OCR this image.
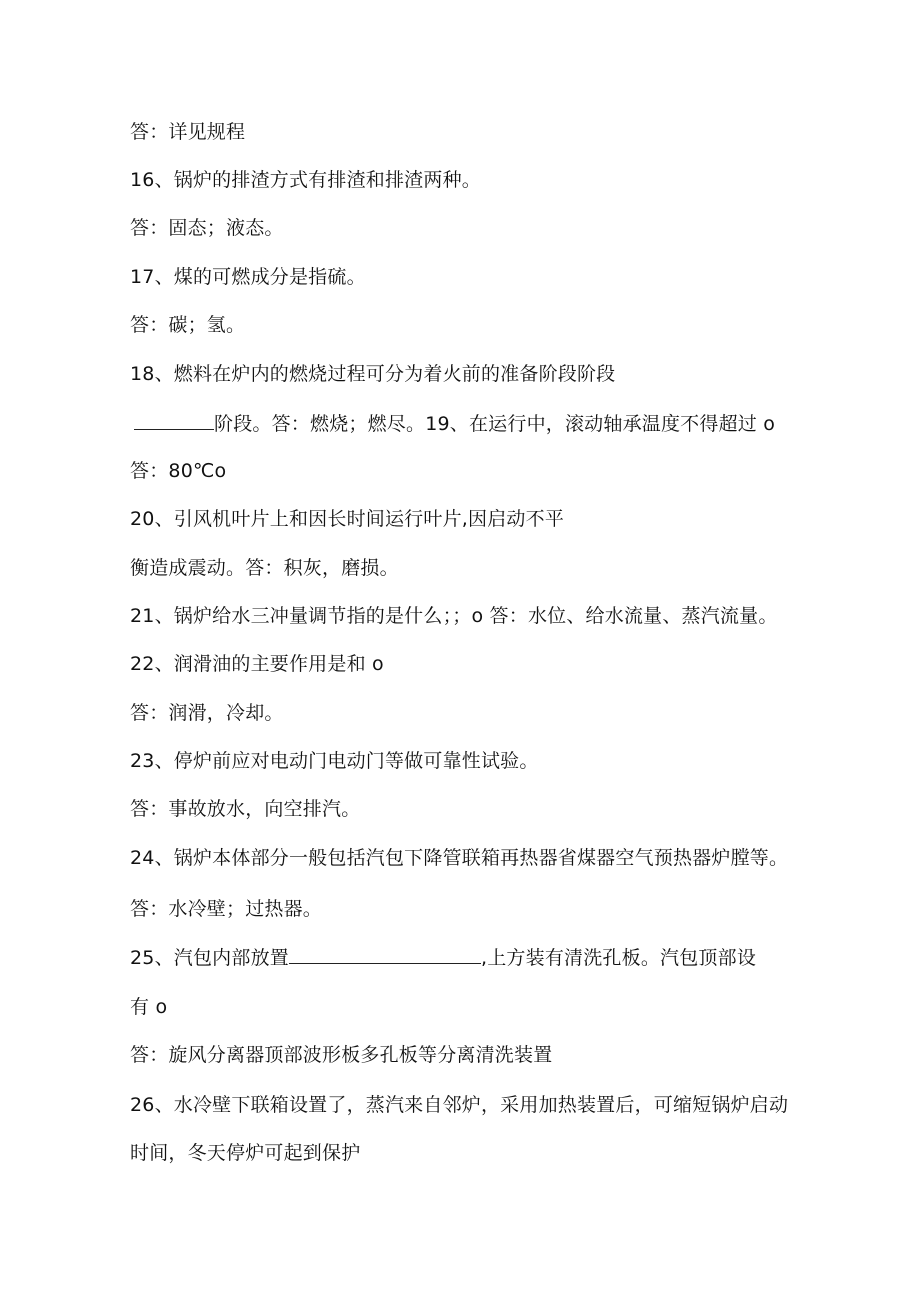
答：详见规程
16、锅炉的排渣方式有排渣和排渣两种。
答：固态；液态。
17、煤的可燃成分是指硫。
答：碳；氢。
18、燃料在炉内的燃烧过程可分为着火前的准备阶段阶段
阶段。答：燃烧；燃尽。19、在运行中，滚动轴承温度不得超过 o
答：80℃o
20、引风机叶片上和因长时间运行叶片,因启动不平
衡造成震动。答：积灰，磨损。
21、锅炉给水三冲量调节指的是什么；；o 答：水位、给水流量、蒸汽流量。
22、润滑油的主要作用是和 o
答：润滑，冷却。
23、停炉前应对电动门电动门等做可靠性试验。
答：事故放水，向空排汽。
24、锅炉本体部分一般包括汽包下降管联箱再热器省煤器空气预热器炉膛等。
答：水冷壁；过热器。
25、汽包内部放置	,上方装有清洗孔板。汽包顶部设
有 o
答：旋风分离器顶部波形板多孔板等分离清洗装置
26、水冷壁下联箱设置了，蒸汽来自邻炉，采用加热装置后，可缩短锅炉启动
时间，冬天停炉可起到保护
